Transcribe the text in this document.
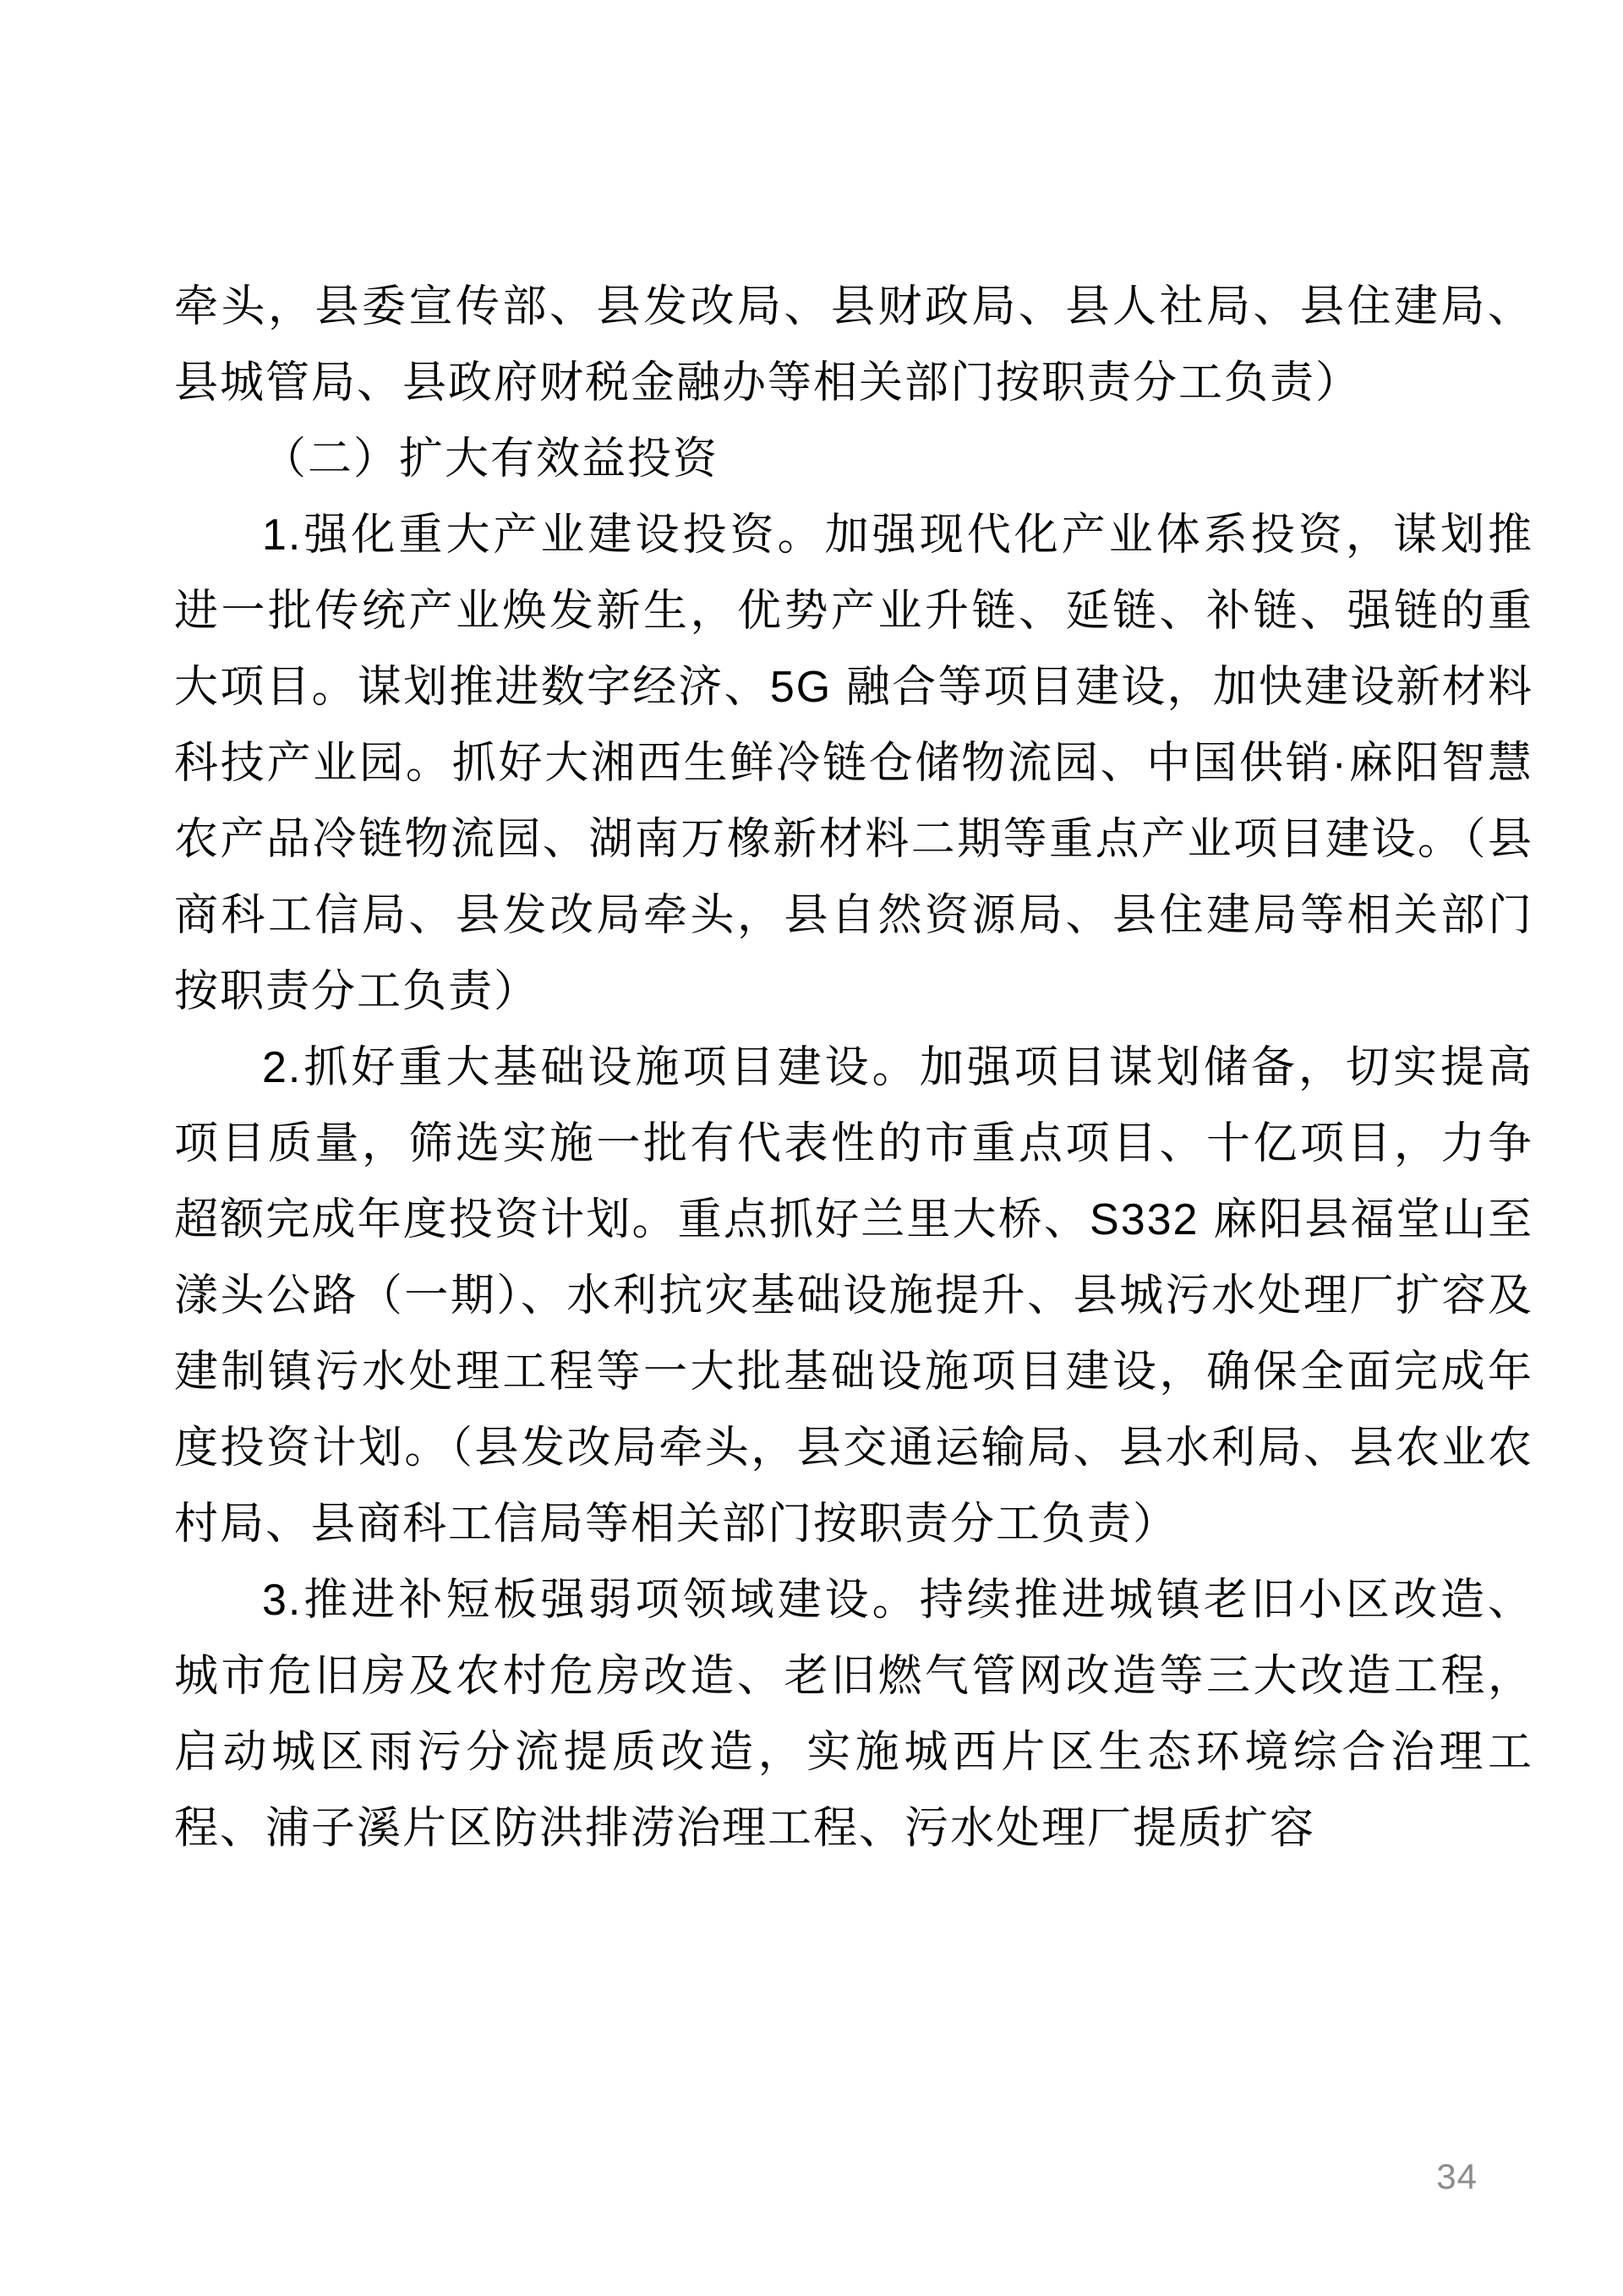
牵头，县委宣传部、县发改局、县财政局、县人社局、县住建局、县城管局、县政府财税金融办等相关部门按职责分工负责）

（二）扩大有效益投资

1.强化重大产业建设投资。加强现代化产业体系投资，谋划推进一批传统产业焕发新生，优势产业升链、延链、补链、强链的重大项目。谋划推进数字经济、5G 融合等项目建设，加快建设新材料科技产业园。抓好大湘西生鲜冷链仓储物流园、中国供销·麻阳智慧农产品冷链物流园、湖南万橡新材料二期等重点产业项目建设。（县商科工信局、县发改局牵头，县自然资源局、县住建局等相关部门按职责分工负责）

2.抓好重大基础设施项目建设。加强项目谋划储备，切实提高项目质量，筛选实施一批有代表性的市重点项目、十亿项目，力争超额完成年度投资计划。重点抓好兰里大桥、S332 麻阳县福堂山至漾头公路（一期）、水利抗灾基础设施提升、县城污水处理厂扩容及建制镇污水处理工程等一大批基础设施项目建设，确保全面完成年度投资计划。（县发改局牵头，县交通运输局、县水利局、县农业农村局、县商科工信局等相关部门按职责分工负责）

3.推进补短板强弱项领域建设。持续推进城镇老旧小区改造、城市危旧房及农村危房改造、老旧燃气管网改造等三大改造工程，启动城区雨污分流提质改造，实施城西片区生态环境综合治理工程、浦子溪片区防洪排涝治理工程、污水处理厂提质扩容

34
